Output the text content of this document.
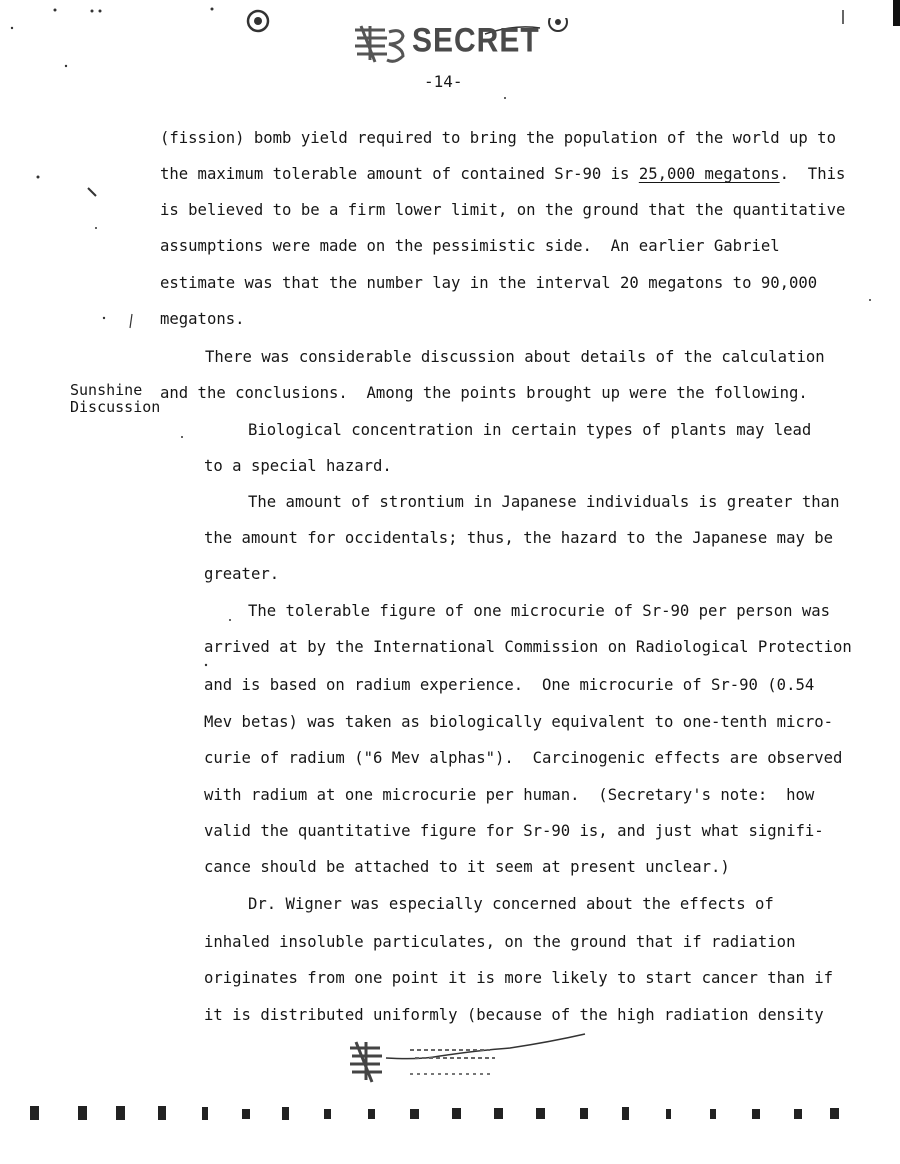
SECRET
-14-
(fission) bomb yield required to bring the population of the world up to
the maximum tolerable amount of contained Sr-90 is 25,000 megatons.  This
is believed to be a firm lower limit, on the ground that the quantitative
assumptions were made on the pessimistic side.  An earlier Gabriel
estimate was that the number lay in the interval 20 megatons to 90,000
megatons.
Sunshine
Discussion
There was considerable discussion about details of the calculation
and the conclusions.  Among the points brought up were the following.
Biological concentration in certain types of plants may lead
to a special hazard.
The amount of strontium in Japanese individuals is greater than
the amount for occidentals; thus, the hazard to the Japanese may be
greater.
The tolerable figure of one microcurie of Sr-90 per person was
arrived at by the International Commission on Radiological Protection
and is based on radium experience.  One microcurie of Sr-90 (0.54
Mev betas) was taken as biologically equivalent to one-tenth micro-
curie of radium ("6 Mev alphas").  Carcinogenic effects are observed
with radium at one microcurie per human.  (Secretary's note:  how
valid the quantitative figure for Sr-90 is, and just what signifi-
cance should be attached to it seem at present unclear.)
Dr. Wigner was especially concerned about the effects of
inhaled insoluble particulates, on the ground that if radiation
originates from one point it is more likely to start cancer than if
it is distributed uniformly (because of the high radiation density
